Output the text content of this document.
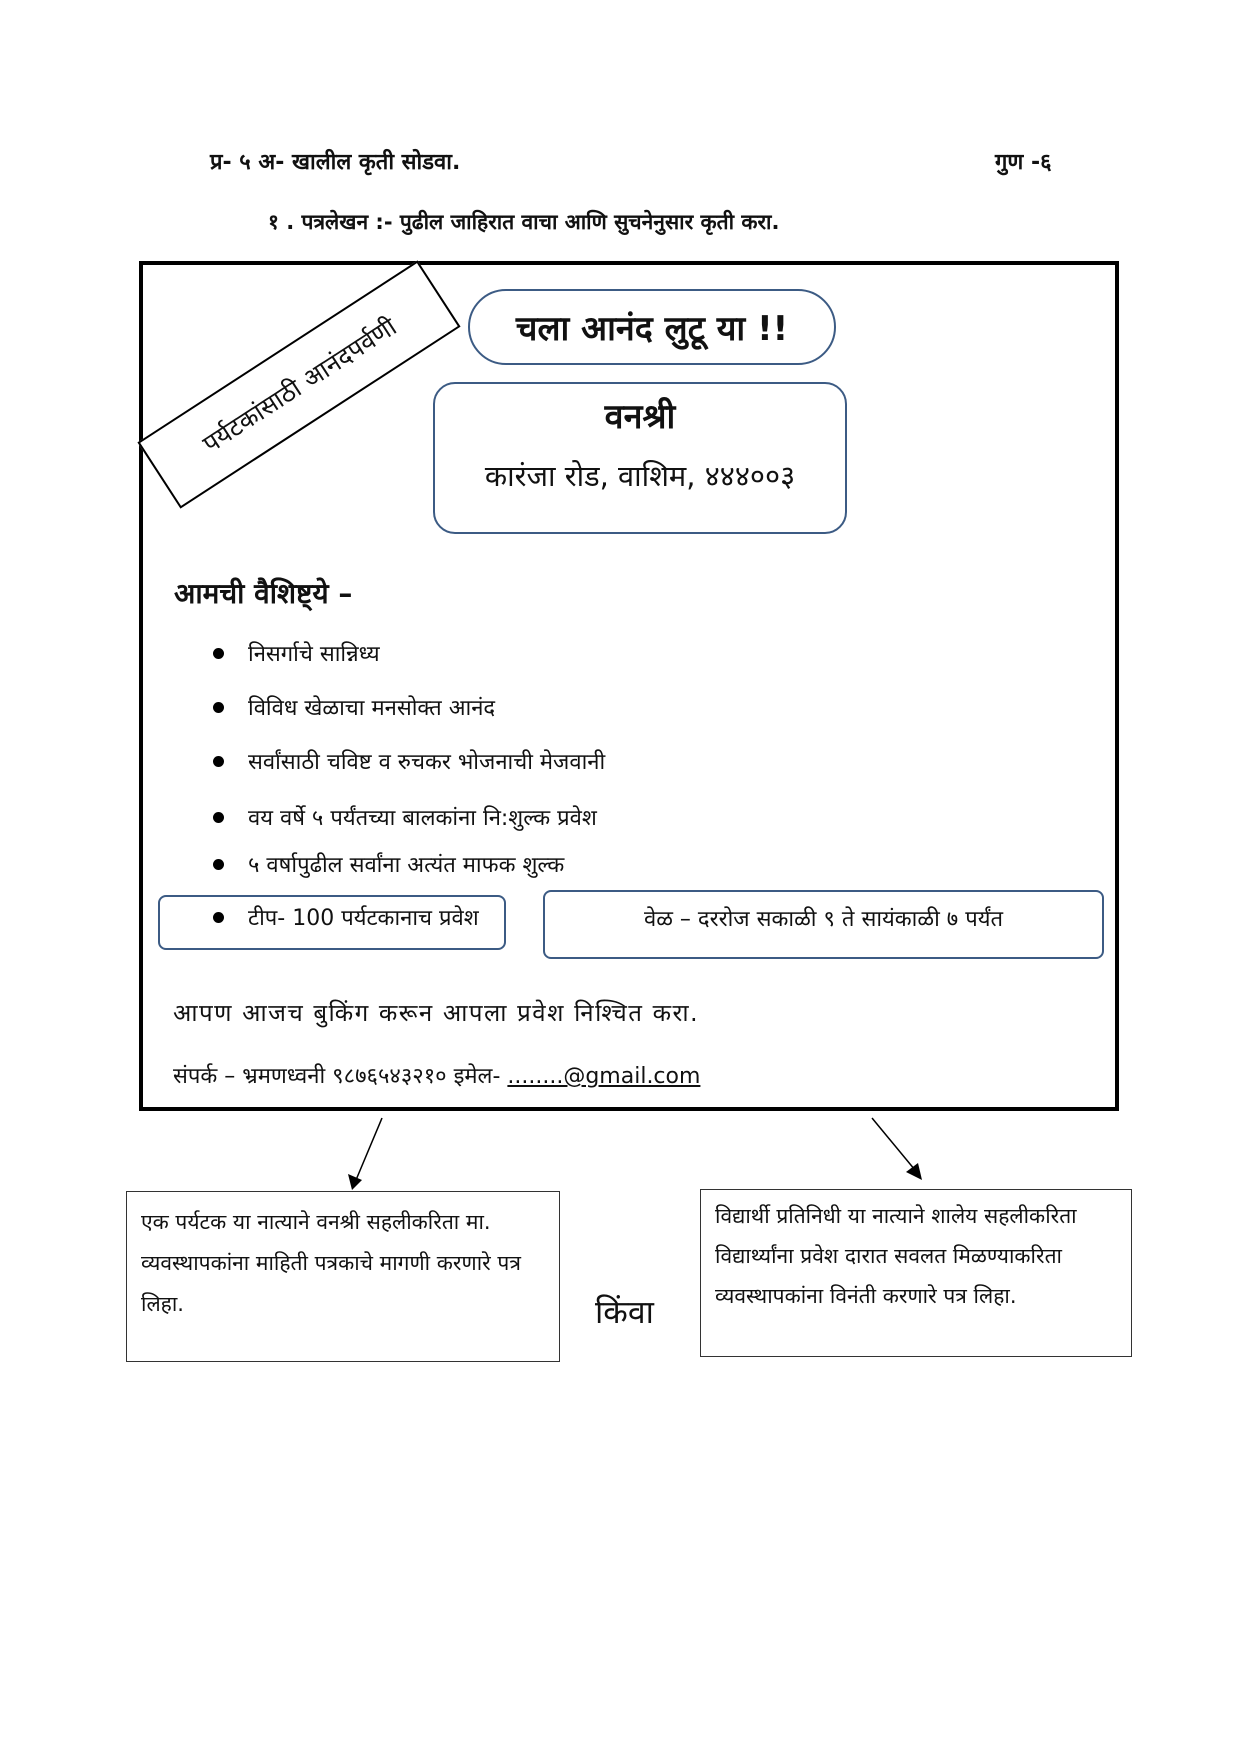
प्र- ५ अ- खालील कृती सोडवा.	गुण -६
१ . पत्रलेखन :- पुढील जाहिरात वाचा आणि सुचनेनुसार कृती करा.
पर्यटकांसाठी आनंदपर्वणी	चला आनंद लुटू या !!
वनश्री
कारंजा रोड, वाशिम, ४४४००३
आमची वैशिष्ट्ये –
निसर्गाचे सान्निध्य
विविध खेळाचा मनसोक्त आनंद
सर्वांसाठी चविष्ट व रुचकर भोजनाची मेजवानी
वय वर्षे ५ पर्यंतच्या बालकांना नि:शुल्क प्रवेश
५ वर्षापुढील सर्वांना अत्यंत माफक शुल्क
टीप- 100 पर्यटकानाच प्रवेश	वेळ – दररोज सकाळी ९ ते सायंकाळी ७ पर्यंत
आपण आजच बुकिंग करून आपला प्रवेश निश्चित करा.
संपर्क – भ्रमणध्वनी ९८७६५४३२१० इमेल- ........@gmail.com
एक पर्यटक या नात्याने वनश्री सहलीकरिता मा. व्यवस्थापकांना माहिती पत्रकाचे मागणी करणारे पत्र लिहा.	किंवा
विद्यार्थी प्रतिनिधी या नात्याने शालेय सहलीकरिता विद्यार्थ्यांना प्रवेश दारात सवलत मिळण्याकरिता व्यवस्थापकांना विनंती करणारे पत्र लिहा.
